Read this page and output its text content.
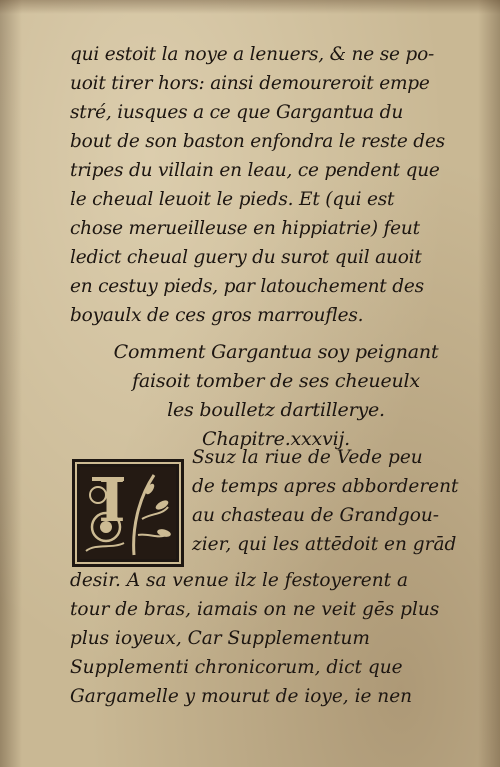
qui estoit la noye a lenuers, & ne se po-
uoit tirer hors: ainsi demoureroit empe
stré, iusques a ce que Gargantua du
bout de son baston enfondra le reste des
tripes du villain en leau, ce pendent que
le cheual leuoit le pieds. Et (qui est
chose merueilleuse en hippiatrie) feut
ledict cheual guery du surot quil auoit
en cestuy pieds, par latouchement des
boyaulx de ces gros marroufles.
Comment Gargantua soy peignant
faisoit tomber de ses cheueulx
les boulletz dartillerye.
Chapitre.xxxvij.
I
Ssuz la riue de Vede peu
de temps apres abborderent
au chasteau de Grandgou-
zier, qui les attēdoit en grād
desir. A sa venue ilz le festoyerent a
tour de bras, iamais on ne veit gēs plus
plus ioyeux, Car Supplementum
Supplementi chronicorum, dict que
Gargamelle y mourut de ioye, ie nen
